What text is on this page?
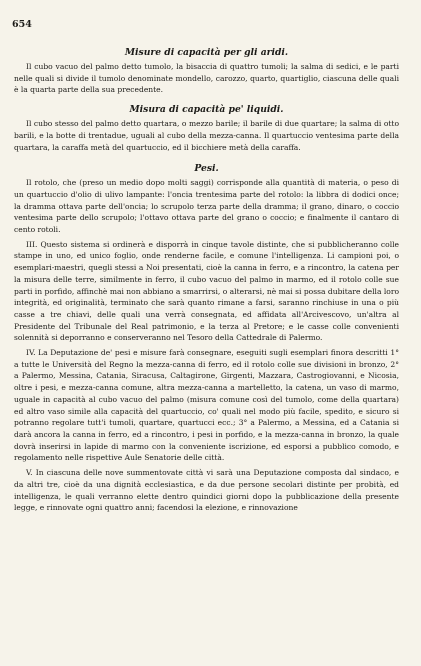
654
Misure di capacità per gli aridi.

Il cubo vacuo del palmo detto tumolo, la bisaccia di quattro tumoli; la salma di sedici, e le parti nelle quali si divide il tumolo denominate mondello, carozzo, quarto, quartiglio, ciascuna delle quali è la quarta parte della sua precedente.

Misura di capacità pe' liquidi.

Il cubo stesso del palmo detto quartara, o mezzo barile; il barile di due quartare; la salma di otto barili, e la botte di trentadue, uguali al cubo della mezza-canna. Il quartuccio ventesima parte della quartara, la caraffa metà del quartuccio, ed il bicchiere metà della caraffa.

Pesi.

Il rotolo, che (preso un medio dopo molti saggi) corrisponde alla quantità di materia, o peso di un quartuccio d'olio di ulivo lampante: l'oncia trentesima parte del rotolo: la libbra di dodici once; la dramma ottava parte dell'oncia; lo scrupolo terza parte della dramma; il grano, dinaro, o coccio ventesima parte dello scrupolo; l'ottavo ottava parte del grano o coccio; e finalmente il cantaro di cento rotoli.

III. Questo sistema si ordinerà e disporrà in cinque tavole distinte, che si pubblicheranno colle stampe in uno, ed unico foglio, onde renderne facile, e comune l'intelligenza. Li campioni poi, o esemplari-maestri, quegli stessi a Noi presentati, cioè la canna in ferro, e a rincontro, la catena per la misura delle terre, similmente in ferro, il cubo vacuo del palmo in marmo, ed il rotolo colle sue parti in porfido, affinchè mai non abbiano a smarrirsi, o alterarsi, nè mai si possa dubitare della loro integrità, ed originalità, terminato che sarà quanto rimane a farsi, saranno rinchiuse in una o più casse a tre chiavi, delle quali una verrà consegnata, ed affidata all'Arcivescovo, un'altra al Presidente del Tribunale del Real patrimonio, e la terza al Pretore; e le casse colle convenienti solennità si deporranno e conserveranno nel Tesoro della Cattedrale di Palermo.

IV. La Deputazione de' pesi e misure farà consegnare, eseguiti sugli esemplari finora descritti 1° a tutte le Università del Regno la mezza-canna di ferro, ed il rotolo colle sue divisioni in bronzo, 2° a Palermo, Messina, Catania, Siracusa, Caltagirone, Girgenti, Mazzara, Castrogiovanni, e Nicosia, oltre i pesi, e mezza-canna comune, altra mezza-canna a martelletto, la catena, un vaso di marmo, uguale in capacità al cubo vacuo del palmo (misura comune così del tumolo, come della quartara) ed altro vaso simile alla capacità del quartuccio, co' quali nel modo più facile, spedito, e sicuro si potranno regolare tutt'i tumoli, quartare, quartucci ecc.; 3° a Palermo, a Messina, ed a Catania si darà ancora la canna in ferro, ed a rincontro, i pesi in porfido, e la mezza-canna in bronzo, la quale dovrà inserirsi in lapide di marmo con la conveniente iscrizione, ed esporsi a pubblico comodo, e regolamento nelle rispettive Aule Senatorie delle città.

V. In ciascuna delle nove summentovate città vi sarà una Deputazione composta dal sindaco, e da altri tre, cioè da una dignità ecclesiastica, e da due persone secolari distinte per probità, ed intelligenza, le quali verranno elette dentro quindici giorni dopo la pubblicazione della presente legge, e rinnovate ogni quattro anni; facendosi la elezione, e rinnovazione
